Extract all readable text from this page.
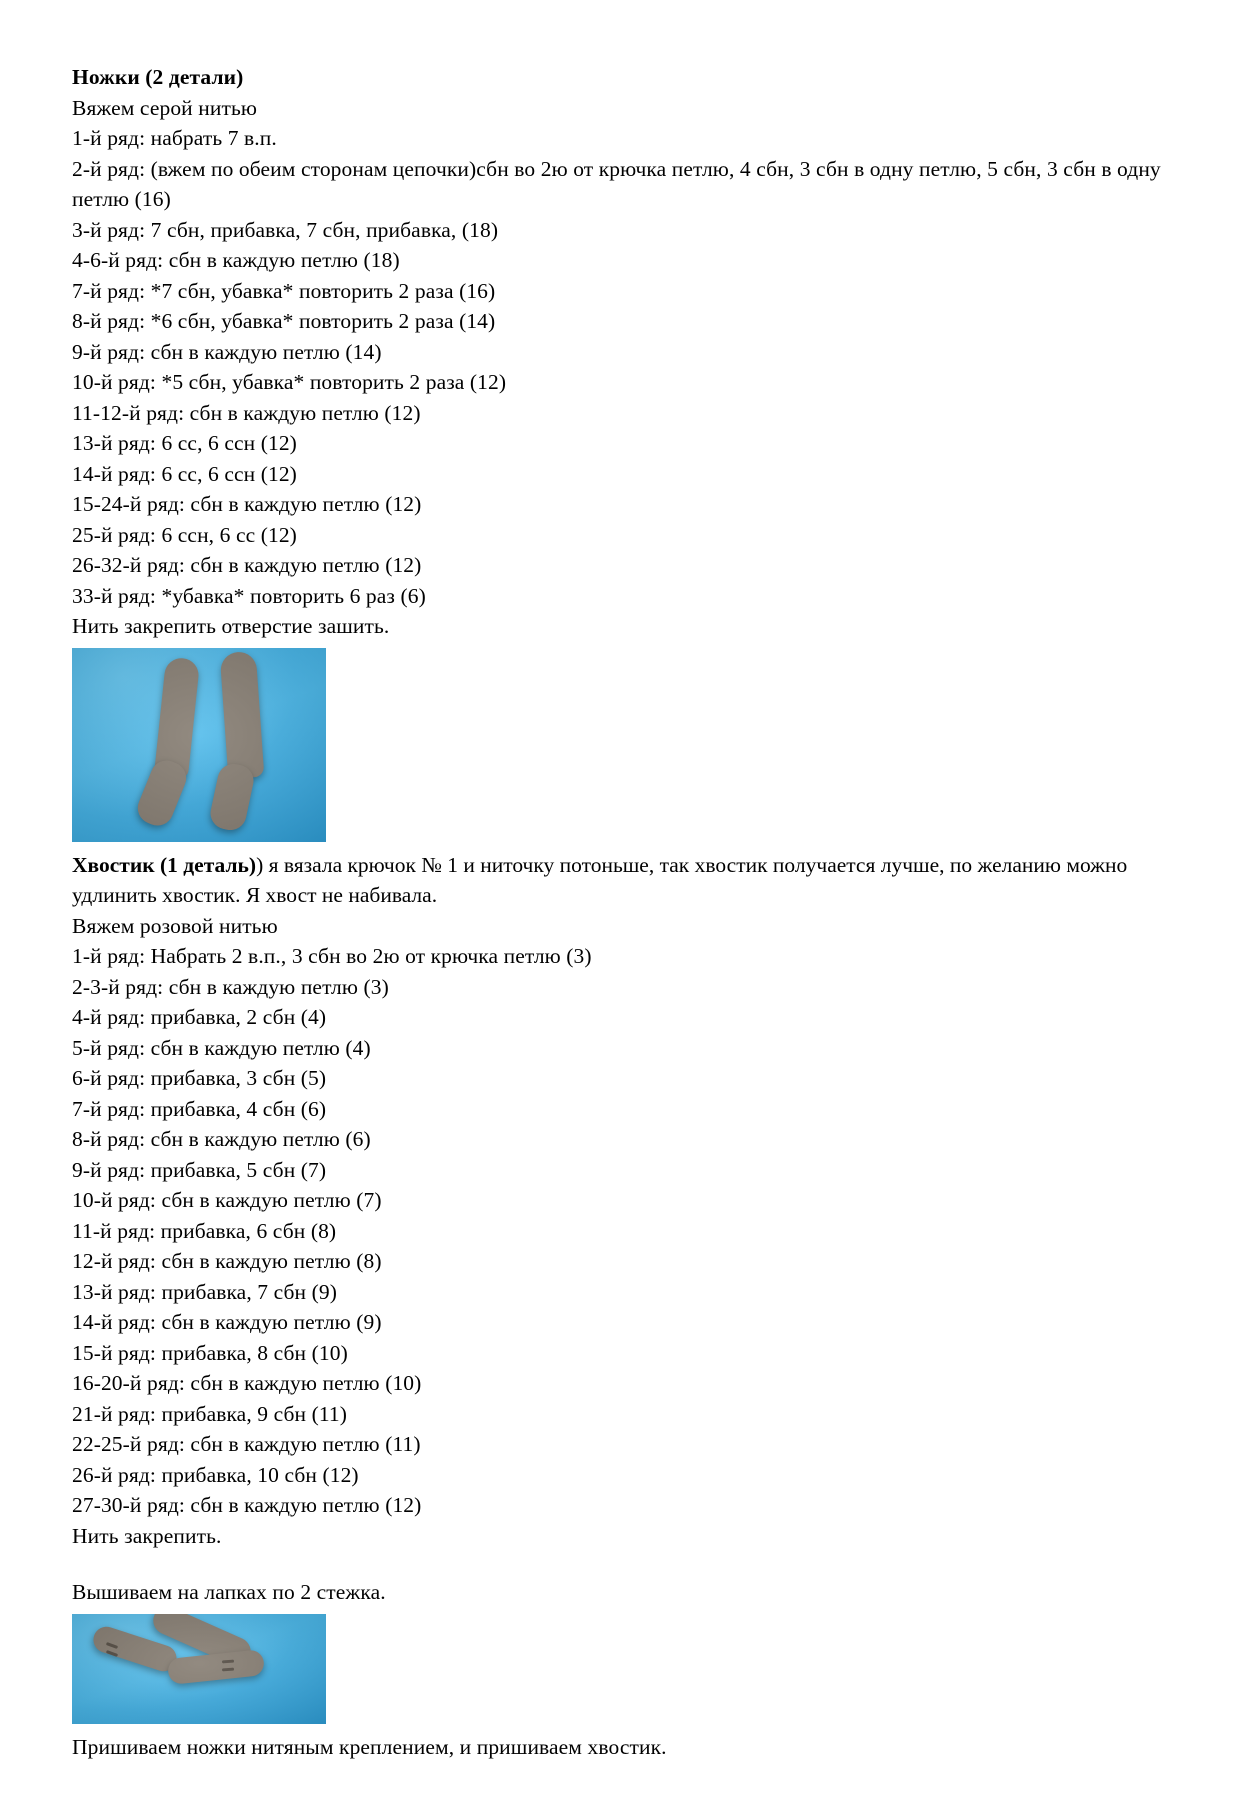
Ножки (2 детали)
Вяжем серой нитью
1-й ряд: набрать 7 в.п.
2-й ряд: (вжем по обеим сторонам цепочки)сбн во 2ю от крючка петлю, 4 сбн, 3 сбн в одну петлю, 5 сбн, 3 сбн в одну петлю (16)
3-й ряд: 7 сбн, прибавка, 7 сбн, прибавка, (18)
4-6-й ряд: сбн в каждую петлю (18)
7-й ряд: *7 сбн, убавка* повторить 2 раза (16)
8-й ряд: *6 сбн, убавка* повторить 2 раза (14)
9-й ряд: сбн в каждую петлю (14)
10-й ряд: *5 сбн, убавка* повторить 2 раза (12)
11-12-й ряд: сбн в каждую петлю (12)
13-й ряд: 6 сс, 6 ссн (12)
14-й ряд: 6 сс, 6 ссн (12)
15-24-й ряд: сбн в каждую петлю (12)
25-й ряд: 6 ссн, 6 сс (12)
26-32-й ряд: сбн в каждую петлю (12)
33-й ряд: *убавка* повторить 6 раз (6)
Нить закрепить отверстие зашить.
Хвостик (1 деталь)) я вязала крючок № 1 и ниточку потоньше, так хвостик получается лучше, по желанию можно удлинить хвостик. Я хвост не набивала.
Вяжем розовой нитью
1-й ряд: Набрать 2 в.п., 3 сбн во 2ю от крючка петлю (3)
2-3-й ряд: сбн в каждую петлю (3)
4-й ряд: прибавка, 2 сбн (4)
5-й ряд: сбн в каждую петлю (4)
6-й ряд: прибавка, 3 сбн (5)
7-й ряд: прибавка, 4 сбн (6)
8-й ряд: сбн в каждую петлю (6)
9-й ряд: прибавка, 5 сбн (7)
10-й ряд: сбн в каждую петлю (7)
11-й ряд: прибавка, 6 сбн (8)
12-й ряд: сбн в каждую петлю (8)
13-й ряд: прибавка, 7 сбн (9)
14-й ряд: сбн в каждую петлю (9)
15-й ряд: прибавка, 8 сбн (10)
16-20-й ряд: сбн в каждую петлю (10)
21-й ряд: прибавка, 9 сбн (11)
22-25-й ряд: сбн в каждую петлю (11)
26-й ряд: прибавка, 10 сбн (12)
27-30-й ряд: сбн в каждую петлю (12)
Нить закрепить.
Вышиваем на лапках по 2 стежка.
Пришиваем ножки нитяным креплением, и пришиваем хвостик.
